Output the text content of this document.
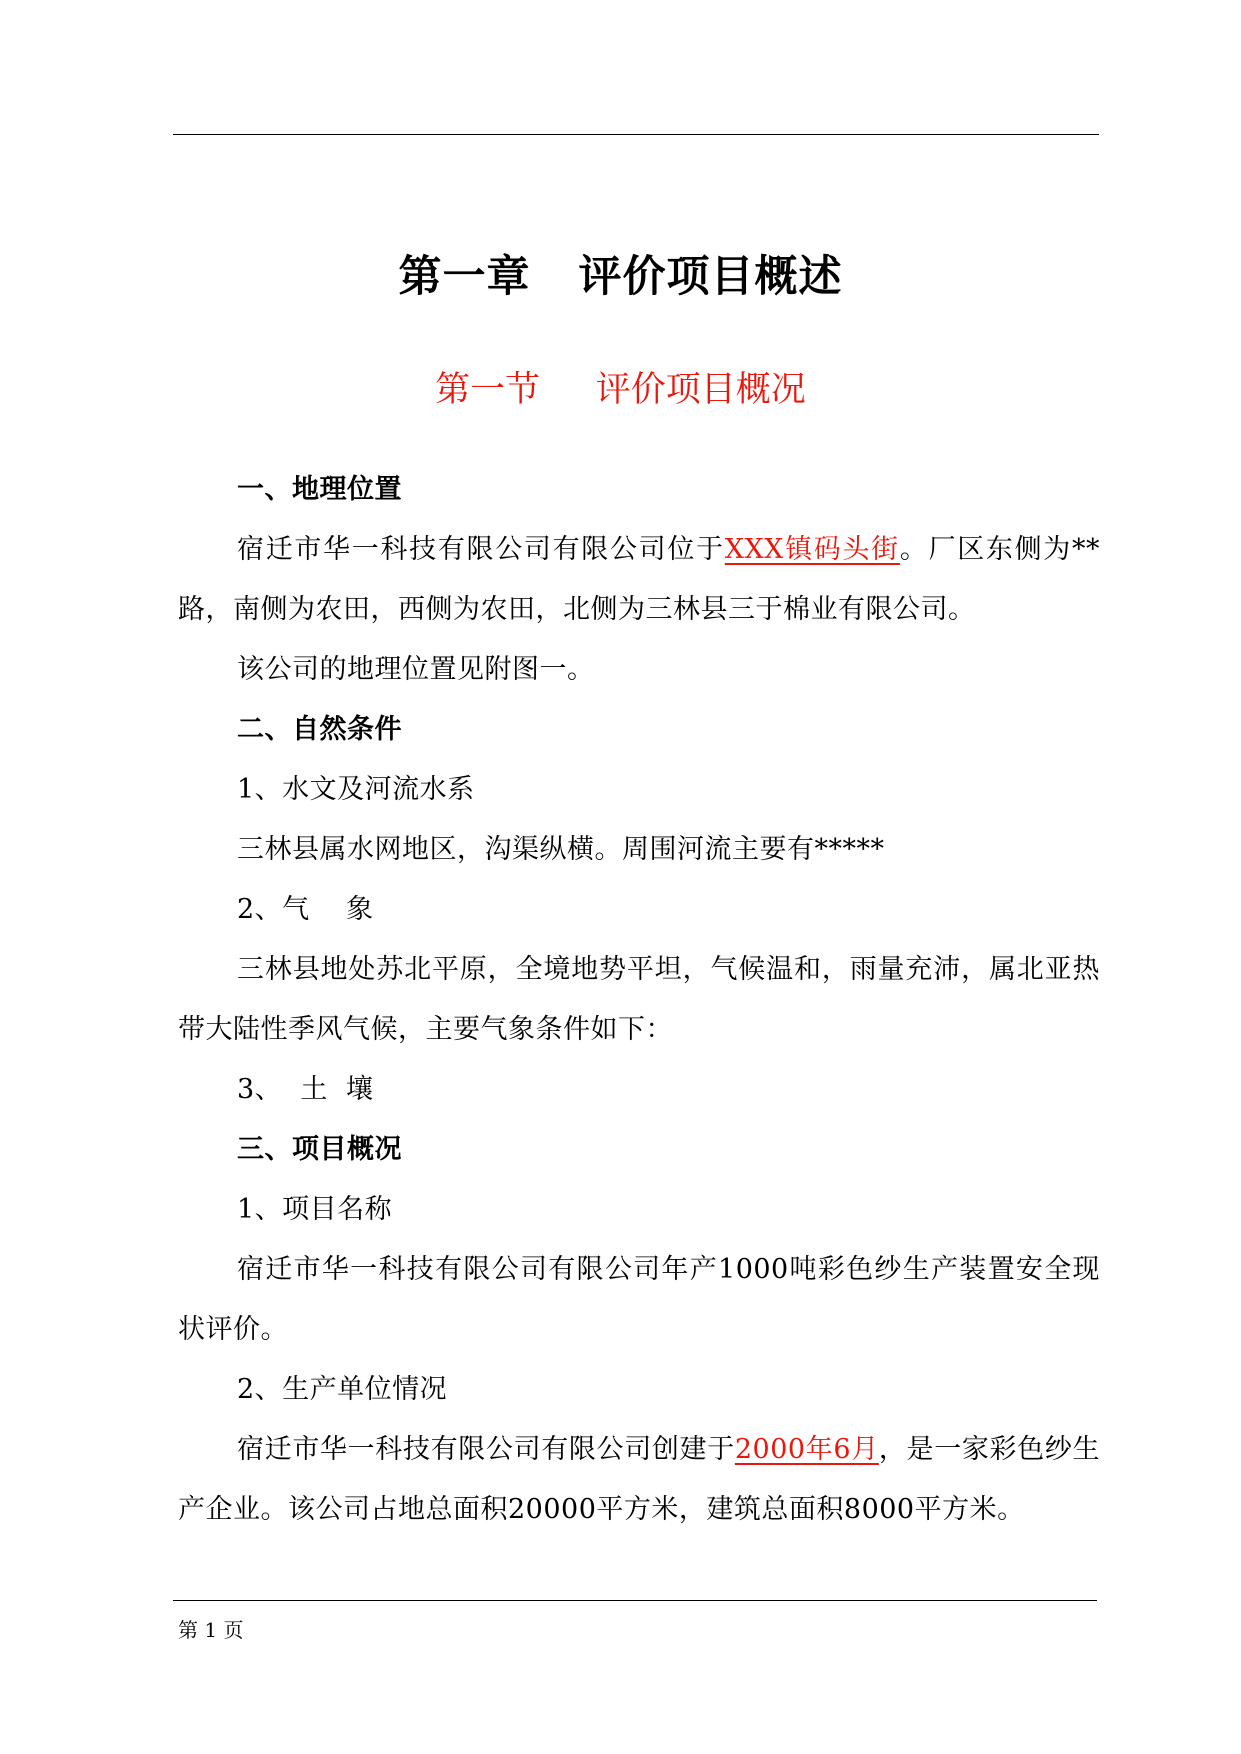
第一章   评价项目概述
第一节     评价项目概况

一、地理位置

宿迁市华一科技有限公司有限公司位于XXX镇码头街。厂区东侧为**路，南侧为农田，西侧为农田，北侧为三林县三于棉业有限公司。

该公司的地理位置见附图一。

二、自然条件

1、水文及河流水系

三林县属水网地区，沟渠纵横。周围河流主要有*****

2、气    象

三林县地处苏北平原，全境地势平坦，气候温和，雨量充沛，属北亚热带大陆性季风气候，主要气象条件如下：

3、  土  壤

三、项目概况

1、项目名称

宿迁市华一科技有限公司有限公司年产1000吨彩色纱生产装置安全现状评价。

2、生产单位情况

宿迁市华一科技有限公司有限公司创建于2000年6月，是一家彩色纱生产企业。该公司占地总面积20000平方米，建筑总面积8000平方米。

第 1 页
